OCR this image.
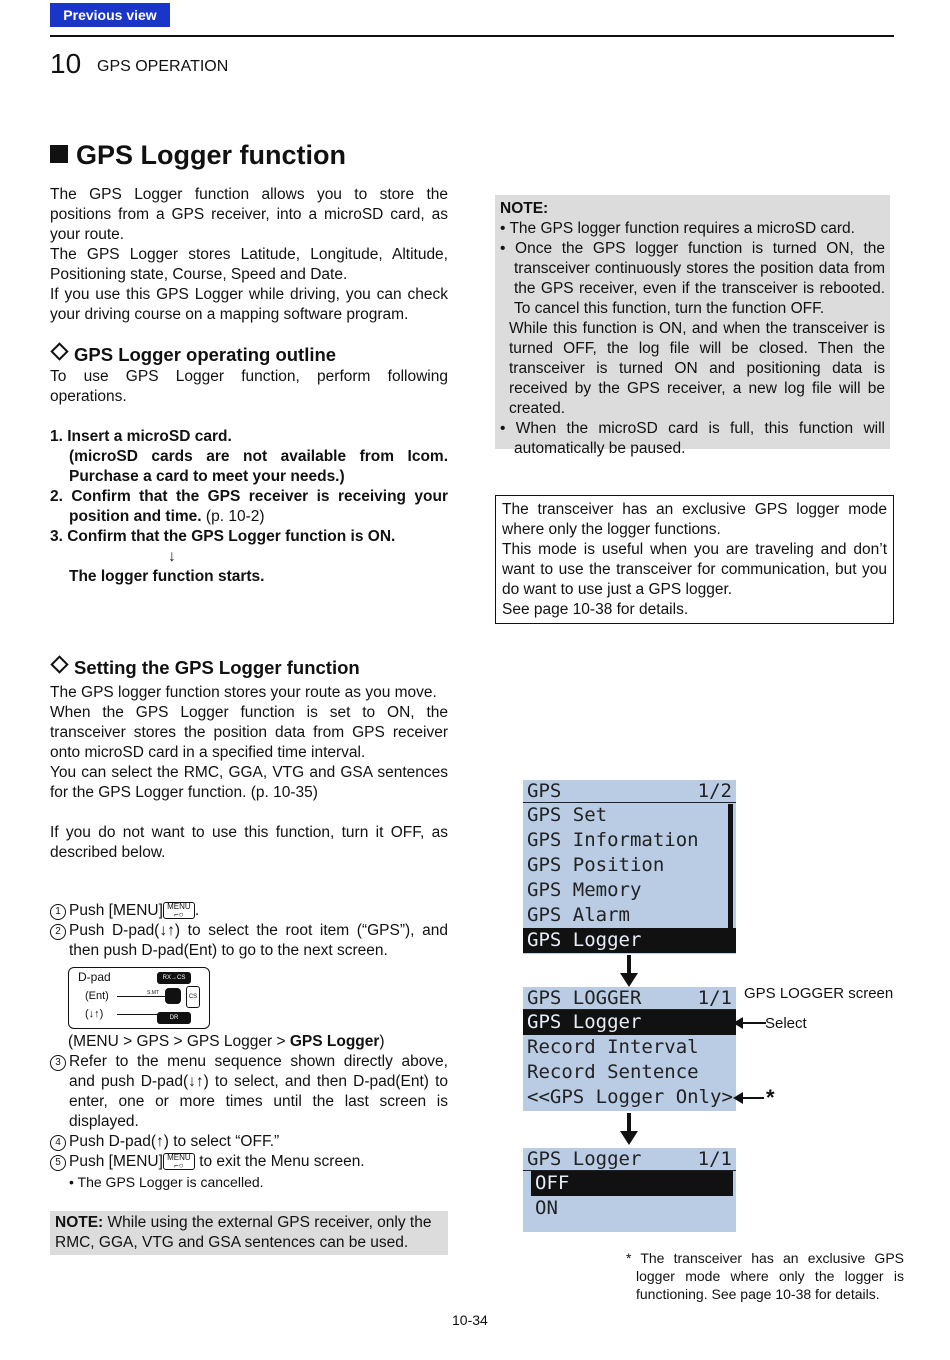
Previous view
10 GPS OPERATION
GPS Logger function
The GPS Logger function allows you to store the positions from a GPS receiver, into a microSD card, as your route.
The GPS Logger stores Latitude, Longitude, Altitude, Positioning state, Course, Speed and Date.
If you use this GPS Logger while driving, you can check your driving course on a mapping software program.
GPS Logger operating outline
To use GPS Logger function, perform following operations.
1. Insert a microSD card.
(microSD cards are not available from Icom. Purchase a card to meet your needs.)
2. Confirm that the GPS receiver is receiving your position and time. (p. 10-2)
3. Confirm that the GPS Logger function is ON.
↓
The logger function starts.
NOTE:
• The GPS logger function requires a microSD card.
• Once the GPS logger function is turned ON, the transceiver continuously stores the position data from the GPS receiver, even if the transceiver is rebooted. To cancel this function, turn the function OFF.
While this function is ON, and when the transceiver is turned OFF, the log file will be closed. Then the transceiver is turned ON and positioning data is received by the GPS receiver, a new log file will be created.
• When the microSD card is full, this function will automatically be paused.
The transceiver has an exclusive GPS logger mode where only the logger functions.
This mode is useful when you are traveling and don’t want to use the transceiver for communication, but you do want to use just a GPS logger.
See page 10-38 for details.
Setting the GPS Logger function
The GPS logger function stores your route as you move.
When the GPS Logger function is set to ON, the transceiver stores the position data from GPS receiver onto microSD card in a specified time interval.
You can select the RMC, GGA, VTG and GSA sentences for the GPS Logger function. (p. 10-35)
If you do not want to use this function, turn it OFF, as described below.
1 Push [MENU] MENU
⌐○ .
2 Push D-pad(↓↑) to select the root item (“GPS”), and then push D-pad(Ent) to go to the next screen.
D-pad
(Ent)
(↓↑)
RX→CS
DR
S.MT
CS
(MENU > GPS > GPS Logger > GPS Logger)
3 Refer to the menu sequence shown directly above, and push D-pad(↓↑) to select, and then D-pad(Ent) to enter, one or more times until the last screen is displayed.
4 Push D-pad(↑) to select “OFF.”
5 Push [MENU] MENU
⌐○ to exit the Menu screen.
• The GPS Logger is cancelled.
NOTE: While using the external GPS receiver, only the RMC, GGA, VTG and GSA sentences can be used.
GPS	1/2
GPS Set
GPS Information
GPS Position
GPS Memory
GPS Alarm
GPS Logger
GPS LOGGER	1/1
GPS Logger
Record Interval
Record Sentence
<<GPS Logger Only>
GPS LOGGER screen
Select
*
GPS Logger	1/1
OFF
ON
* The transceiver has an exclusive GPS logger mode where only the logger is functioning. See page 10-38 for details.
10-34
